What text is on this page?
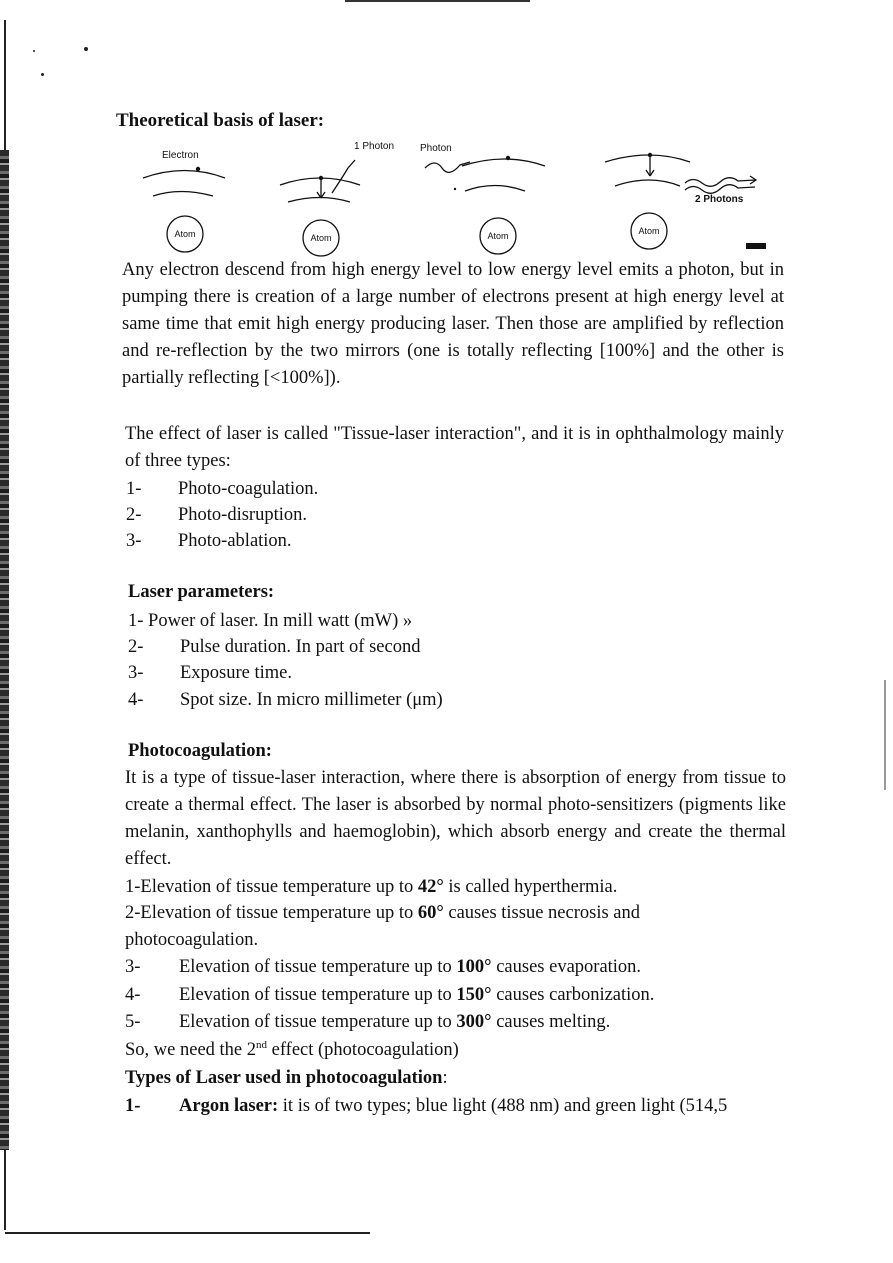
Theoretical basis of laser:
Electron
1 Photon	Photon
2 Photons
Atom	Atom	Atom	Atom
Any electron descend from high energy level to low energy level emits a photon, but in pumping there is creation of a large number of electrons present at high energy level at same time that emit high energy producing laser. Then those are amplified by reflection and re-reflection by the two mirrors (one is totally reflecting [100%] and the other is partially reflecting [<100%]).
The effect of laser is called "Tissue-laser interaction", and it is in ophthalmology mainly of three types:
1- Photo-coagulation.
2- Photo-disruption.
3- Photo-ablation.
Laser parameters:
1- Power of laser. In mill watt (mW) »
2- Pulse duration. In part of second
3- Exposure time.
4- Spot size. In micro millimeter (μm)
Photocoagulation:
It is a type of tissue-laser interaction, where there is absorption of energy from tissue to create a thermal effect. The laser is absorbed by normal photo-sensitizers (pigments like melanin, xanthophylls and haemoglobin), which absorb energy and create the thermal effect.
1-Elevation of tissue temperature up to 42° is called hyperthermia.
2-Elevation of tissue temperature up to 60° causes tissue necrosis and
photocoagulation.
3- Elevation of tissue temperature up to 100° causes evaporation.
4- Elevation of tissue temperature up to 150° causes carbonization.
5- Elevation of tissue temperature up to 300° causes melting.
So, we need the 2nd effect (photocoagulation)
Types of Laser used in photocoagulation:
1- Argon laser: it is of two types; blue light (488 nm) and green light (514,5
